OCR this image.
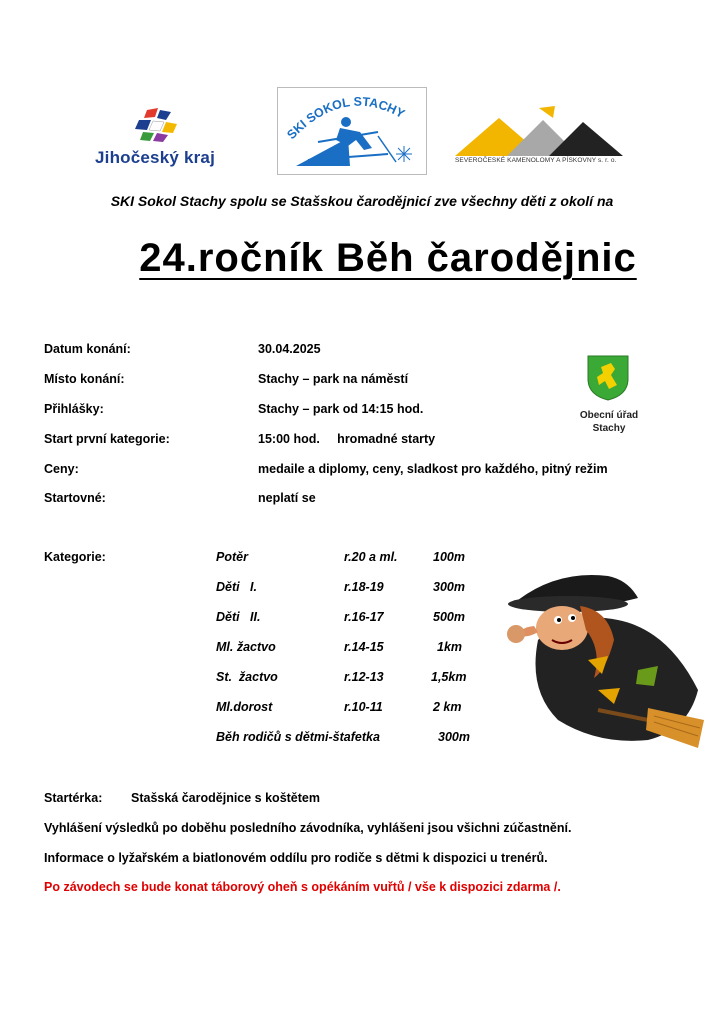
Jihočeský kraj
SKI SOKOL STACHY
SEVEROČESKÉ KAMENOLOMY A PÍSKOVNY s. r. o.
SKI Sokol Stachy spolu se Stašskou čarodějnicí zve všechny děti z okolí na
24.ročník Běh čarodějnic
Datum konání:	30.04.2025
Místo konání:	Stachy – park na náměstí
Přihlášky:	Stachy – park od 14:15 hod.
Start první kategorie:	15:00 hod.     hromadné starty
Ceny:	medaile a diplomy, ceny, sladkost pro každého, pitný režim
Startovné:	neplatí se
Obecní úřad
Stachy
Kategorie:	Potěr	r.20 a ml.	100m
Děti   I.	r.18-19	300m
Děti   II.	r.16-17	500m
Ml. žactvo	r.14-15	1km
St.  žactvo	r.12-13	1,5km
Ml.dorost	r.10-11	2 km
Běh rodičů s dětmi-štafetka	300m
Startérka: Stašská čarodějnice s koštětem
Vyhlášení výsledků po doběhu posledního závodníka, vyhlášeni jsou všichni zúčastnění.
Informace o lyžařském a biatlonovém oddílu pro rodiče s dětmi k dispozici u trenérů.
Po závodech se bude konat táborový oheň s opékáním vuřtů / vše k dispozici zdarma /.
